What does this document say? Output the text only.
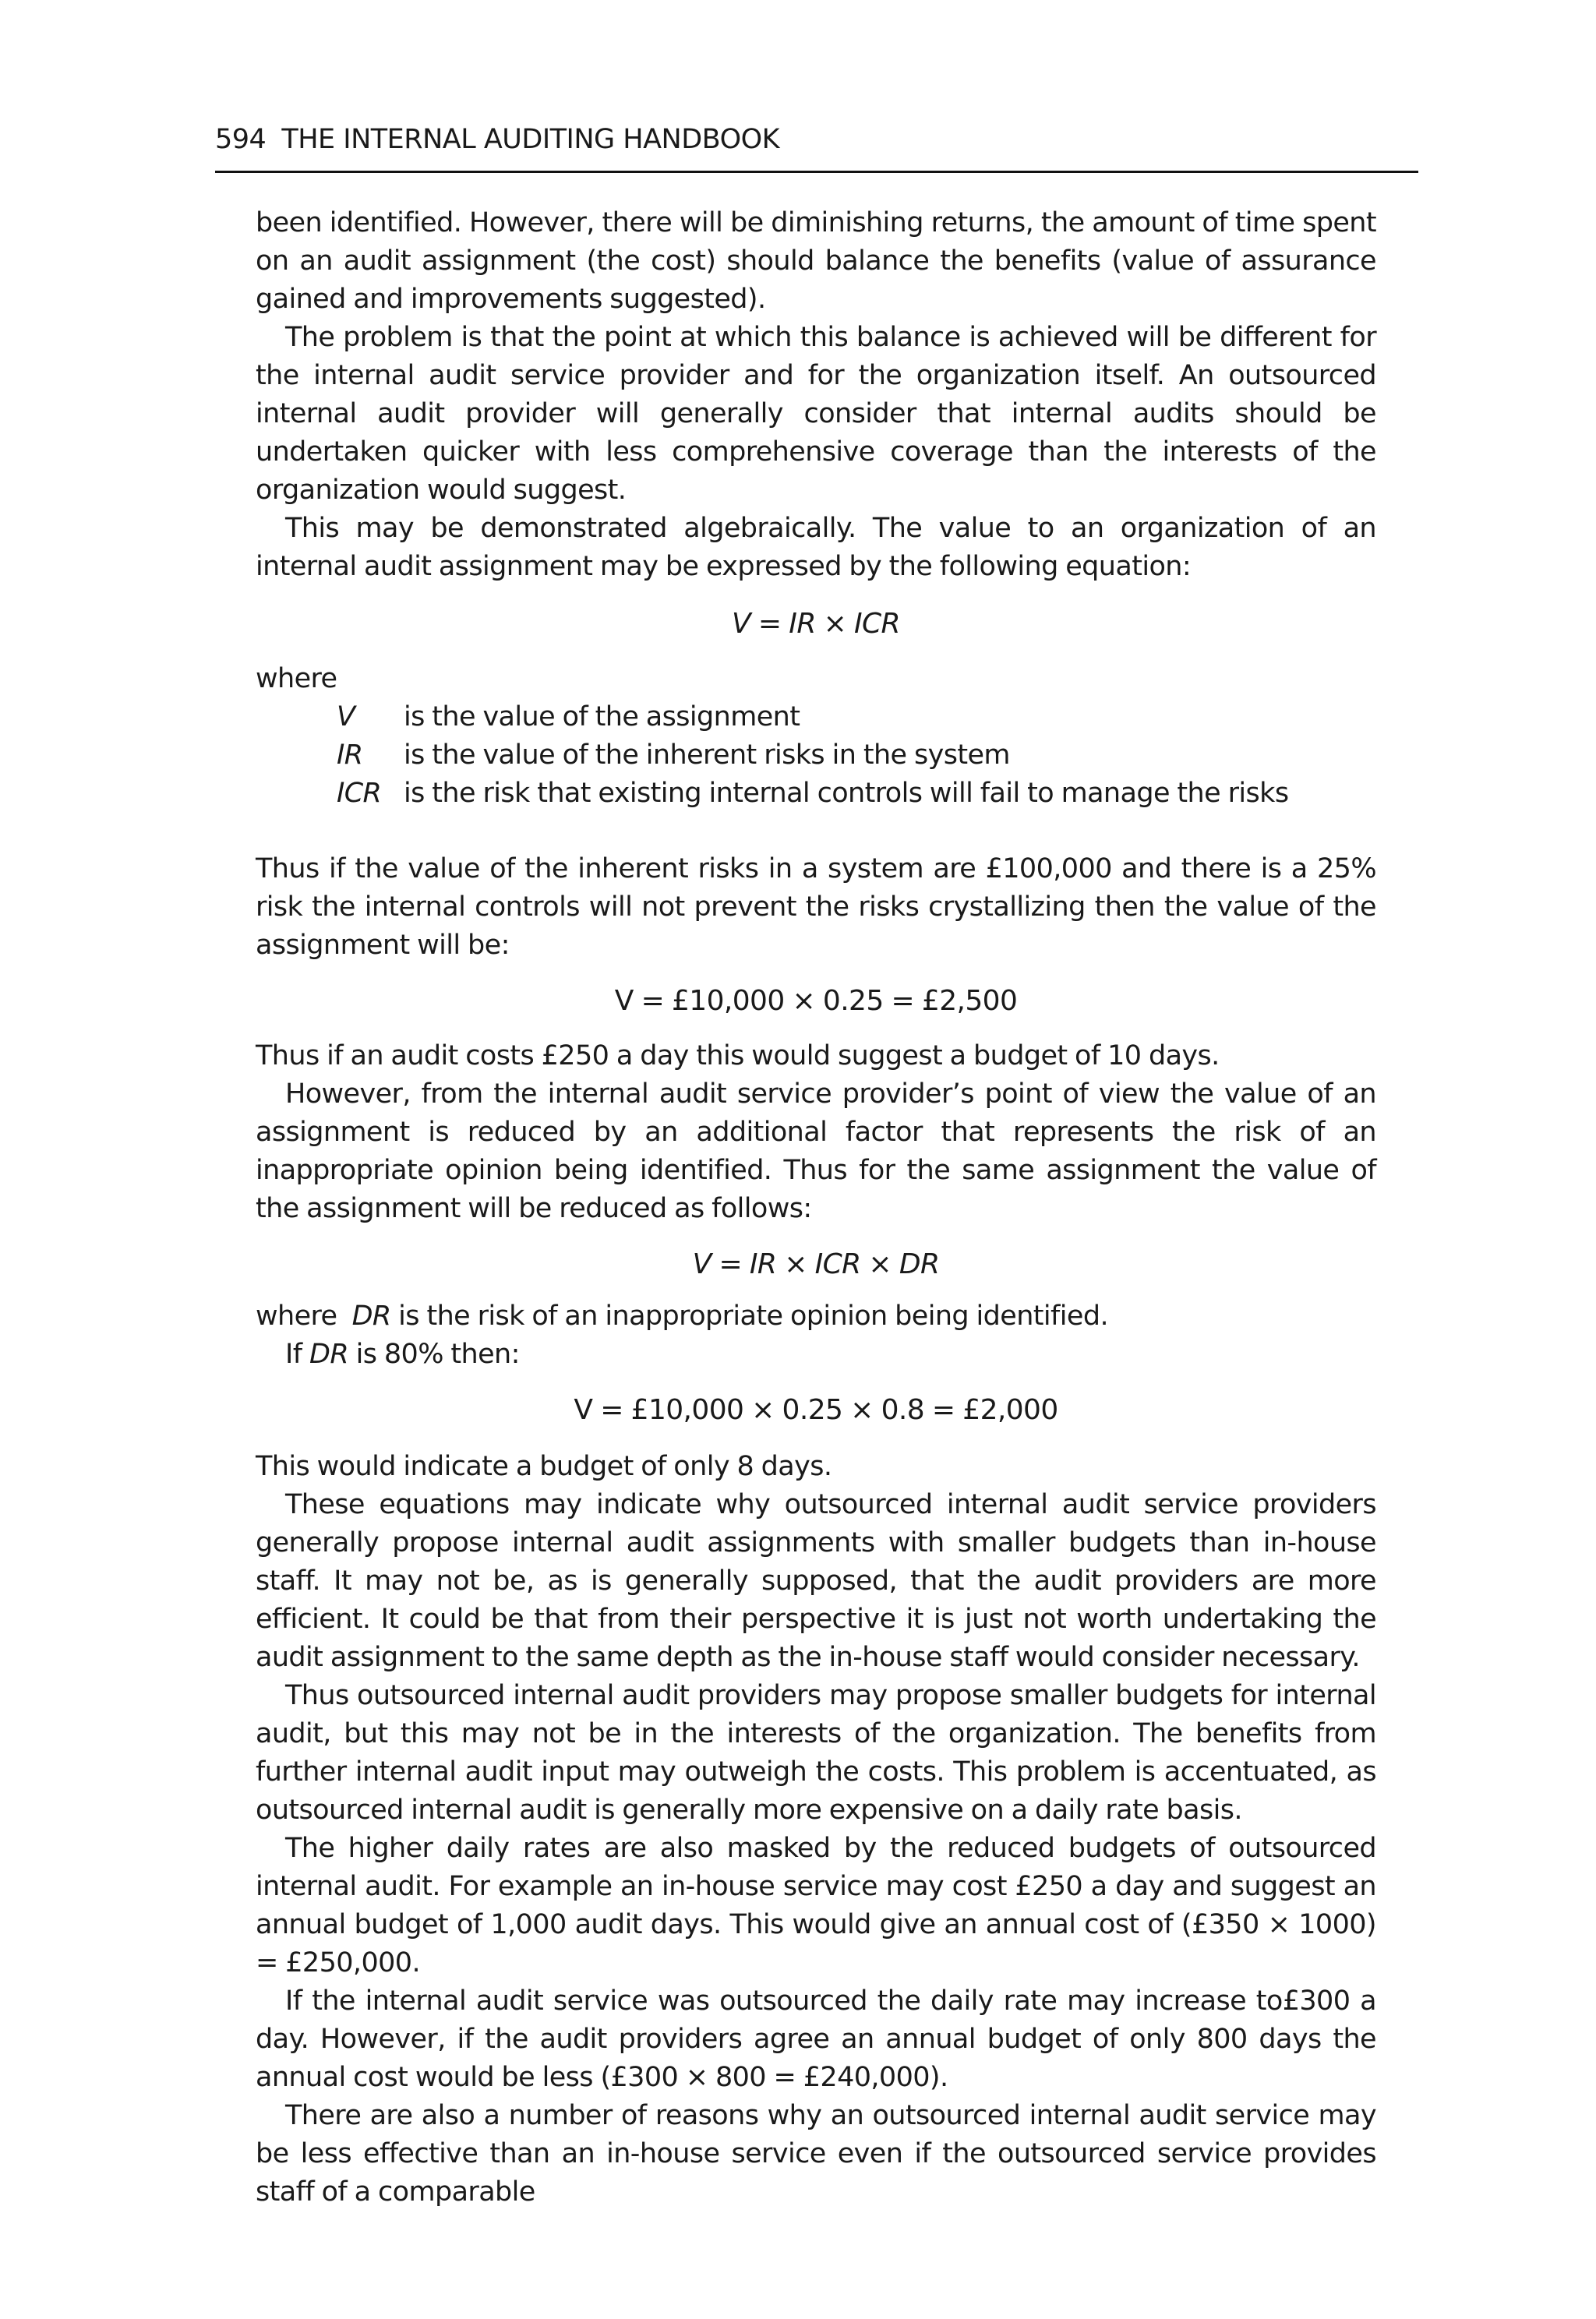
594 THE INTERNAL AUDITING HANDBOOK

been identified. However, there will be diminishing returns, the amount of time spent on an audit assignment (the cost) should balance the benefits (value of assurance gained and improvements suggested).

The problem is that the point at which this balance is achieved will be different for the internal audit service provider and for the organization itself. An outsourced internal audit provider will generally consider that internal audits should be undertaken quicker with less comprehensive coverage than the interests of the organization would suggest.

This may be demonstrated algebraically. The value to an organization of an internal audit assignment may be expressed by the following equation:

V = IR × ICR

where

V	is the value of the assignment
IR	is the value of the inherent risks in the system
ICR is the risk that existing internal controls will fail to manage the risks

Thus if the value of the inherent risks in a system are £100,000 and there is a 25% risk the internal controls will not prevent the risks crystallizing then the value of the assignment will be:

V = £10,000 × 0.25 = £2,500

Thus if an audit costs £250 a day this would suggest a budget of 10 days.

However, from the internal audit service provider’s point of view the value of an assignment is reduced by an additional factor that represents the risk of an inappropriate opinion being identified. Thus for the same assignment the value of the assignment will be reduced as follows:

V = IR × ICR × DR

where DR is the risk of an inappropriate opinion being identified.

If DR is 80% then:

V = £10,000 × 0.25 × 0.8 = £2,000

This would indicate a budget of only 8 days.

These equations may indicate why outsourced internal audit service providers generally propose internal audit assignments with smaller budgets than in-house staff. It may not be, as is generally supposed, that the audit providers are more efficient. It could be that from their perspective it is just not worth undertaking the audit assignment to the same depth as the in-house staff would consider necessary.

Thus outsourced internal audit providers may propose smaller budgets for internal audit, but this may not be in the interests of the organization. The benefits from further internal audit input may outweigh the costs. This problem is accentuated, as outsourced internal audit is generally more expensive on a daily rate basis.

The higher daily rates are also masked by the reduced budgets of outsourced internal audit. For example an in-house service may cost £250 a day and suggest an annual budget of 1,000 audit days. This would give an annual cost of (£350 × 1000) = £250,000.

If the internal audit service was outsourced the daily rate may increase to£300 a day. However, if the audit providers agree an annual budget of only 800 days the annual cost would be less (£300 × 800 = £240,000).

There are also a number of reasons why an outsourced internal audit service may be less effective than an in-house service even if the outsourced service provides staff of a comparable
